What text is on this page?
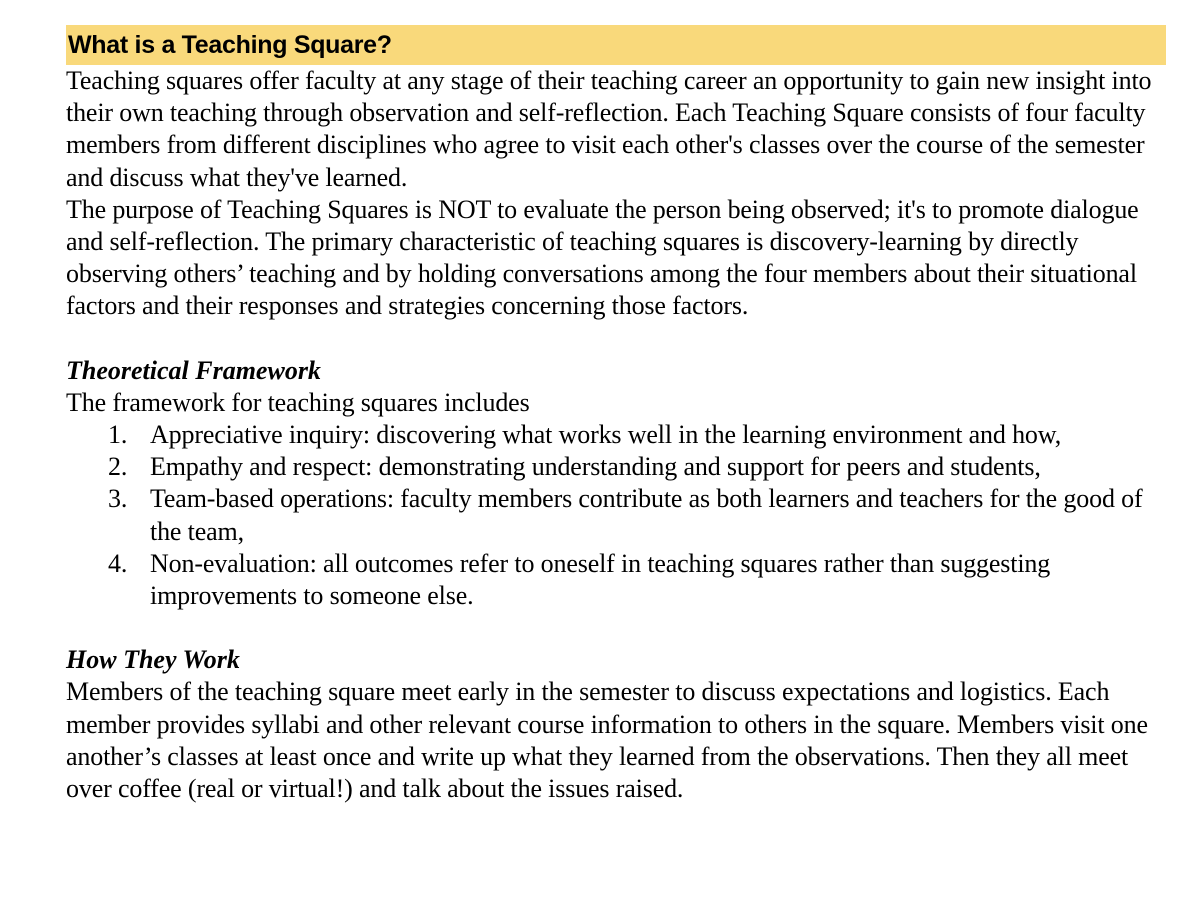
What is a Teaching Square?

Teaching squares offer faculty at any stage of their teaching career an opportunity to gain new insight into their own teaching through observation and self-reflection. Each Teaching Square consists of four faculty members from different disciplines who agree to visit each other's classes over the course of the semester and discuss what they've learned.

The purpose of Teaching Squares is NOT to evaluate the person being observed; it's to promote dialogue and self-reflection. The primary characteristic of teaching squares is discovery-learning by directly observing others’ teaching and by holding conversations among the four members about their situational factors and their responses and strategies concerning those factors.

Theoretical Framework

The framework for teaching squares includes

1. Appreciative inquiry: discovering what works well in the learning environment and how,
2. Empathy and respect: demonstrating understanding and support for peers and students,
3. Team-based operations: faculty members contribute as both learners and teachers for the good of the team,
4. Non-evaluation: all outcomes refer to oneself in teaching squares rather than suggesting improvements to someone else.
How They Work

Members of the teaching square meet early in the semester to discuss expectations and logistics. Each member provides syllabi and other relevant course information to others in the square. Members visit one another’s classes at least once and write up what they learned from the observations. Then they all meet over coffee (real or virtual!) and talk about the issues raised.
